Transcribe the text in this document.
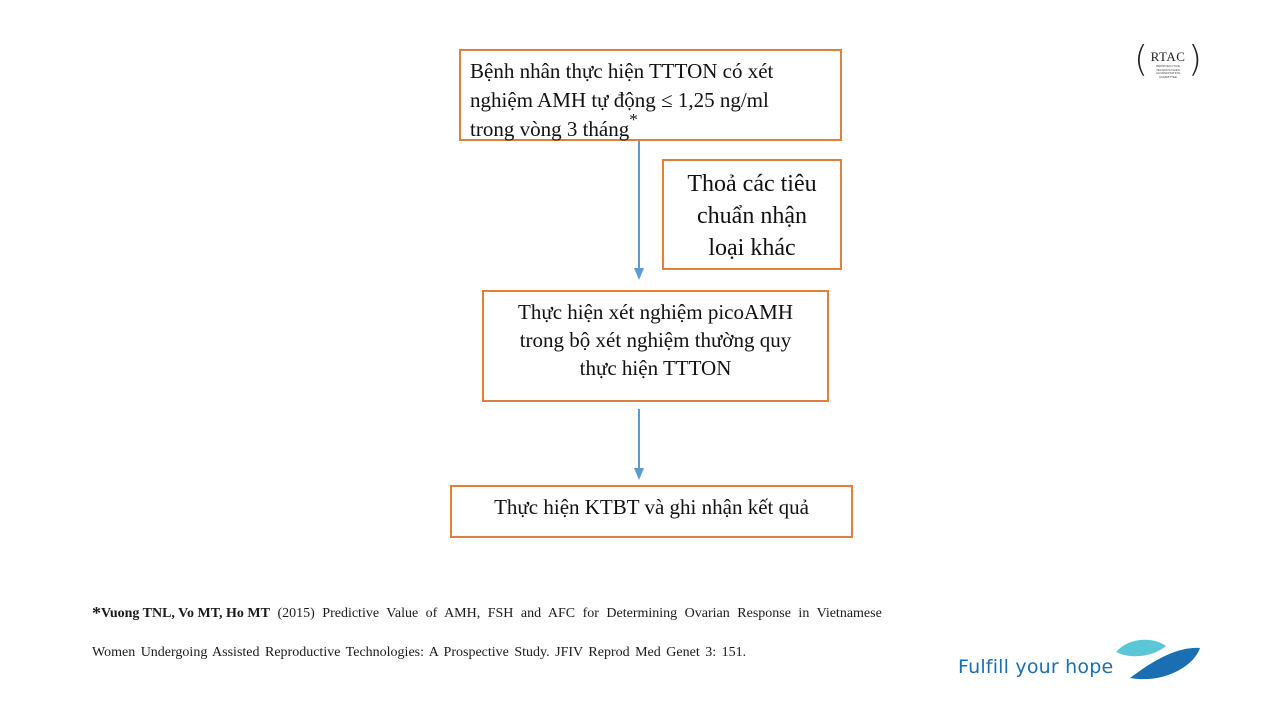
Bệnh nhân thực hiện TTTON có xét
nghiệm AMH tự động ≤ 1,25 ng/ml
trong vòng 3 tháng*
Thoả các tiêu
chuẩn nhận
loại khác
Thực hiện xét nghiệm picoAMH
trong bộ xét nghiệm thường quy
thực hiện TTTON
Thực hiện KTBT và ghi nhận kết quả
( RTAC
REPRODUCTIVE TECHNOLOGIES ACCREDITATION COMMITTEE )
*Vuong TNL, Vo MT, Ho MT (2015) Predictive Value of AMH, FSH and AFC for Determining Ovarian Response in Vietnamese
Women Undergoing Assisted Reproductive Technologies: A Prospective Study. JFIV Reprod Med Genet 3: 151.
Fulfill your hope
